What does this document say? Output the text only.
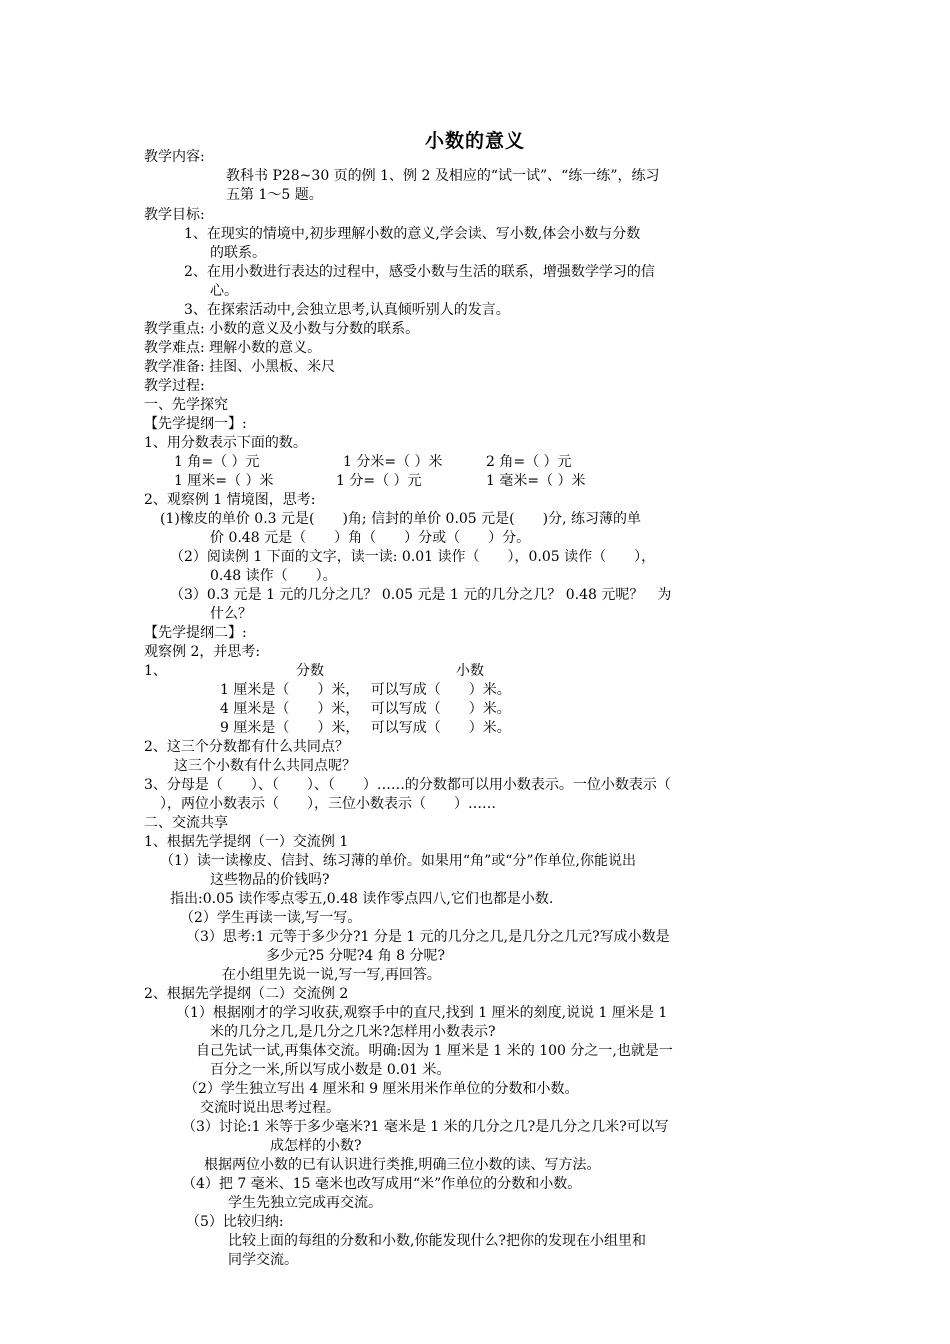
小数的意义
教学内容:
教科书 P28~30 页的例 1、例 2 及相应的“试一试”、“练一练”，练习
五第 1～5 题。
教学目标:
1、在现实的情境中,初步理解小数的意义,学会读、写小数,体会小数与分数
的联系。
2、在用小数进行表达的过程中，感受小数与生活的联系，增强数学学习的信
心。
3、在探索活动中,会独立思考,认真倾听别人的发言。
教学重点: 小数的意义及小数与分数的联系。
教学难点: 理解小数的意义。
教学准备: 挂图、小黑板、米尺
教学过程:
一、先学探究
【先学提纲一】:
1、用分数表示下面的数。
1 角=（ ）元	1 分米=（ ）米	2 角=（ ）元
1 厘米=（ ）米	1 分=（ ）元	1 毫米=（ ）米
2、观察例 1 情境图，思考:
(1)橡皮的单价 0.3 元是(　　)角; 信封的单价 0.05 元是(　　)分, 练习薄的单
价 0.48 元是（　　）角（　　）分或（　　）分。
（2）阅读例 1 下面的文字，读一读: 0.01 读作（　　），0.05 读作（　　），
0.48 读作（　　）。
（3）0.3 元是 1 元的几分之几？ 0.05 元是 1 元的几分之几？ 0.48 元呢？　为
什么？
【先学提纲二】:
观察例 2，并思考:
1、	分数	小数
1 厘米是（　　）米，　 可以写成（　　）米。
4 厘米是（　　）米，　 可以写成（　　）米。
9 厘米是（　　）米，　 可以写成（　　）米。
2、这三个分数都有什么共同点？
这三个小数有什么共同点呢？
3、分母是（　　）、（　　）、（　　）……的分数都可以用小数表示。一位小数表示（
），两位小数表示（　　），三位小数表示（　　）……
二、交流共享
1、根据先学提纲（一）交流例 1
（1）读一读橡皮、信封、练习薄的单价。如果用“角”或“分”作单位,你能说出
这些物品的价钱吗?
指出:0.05 读作零点零五,0.48 读作零点四八,它们也都是小数.
（2）学生再读一读,写一写。
（3）思考:1 元等于多少分?1 分是 1 元的几分之几,是几分之几元?写成小数是
多少元?5 分呢?4 角 8 分呢?
在小组里先说一说,写一写,再回答。
2、根据先学提纲（二）交流例 2
（1）根据刚才的学习收获,观察手中的直尺,找到 1 厘米的刻度,说说 1 厘米是 1
米的几分之几,是几分之几米?怎样用小数表示?
自己先试一试,再集体交流。明确:因为 1 厘米是 1 米的 100 分之一,也就是一
百分之一米,所以写成小数是 0.01 米。
（2）学生独立写出 4 厘米和 9 厘米用米作单位的分数和小数。
交流时说出思考过程。
（3）讨论:1 米等于多少毫米?1 毫米是 1 米的几分之几?是几分之几米?可以写
成怎样的小数?
根据两位小数的已有认识进行类推,明确三位小数的读、写方法。
（4）把 7 毫米、15 毫米也改写成用“米”作单位的分数和小数。
学生先独立完成再交流。
（5）比较归纳:
比较上面的每组的分数和小数,你能发现什么?把你的发现在小组里和
同学交流。
